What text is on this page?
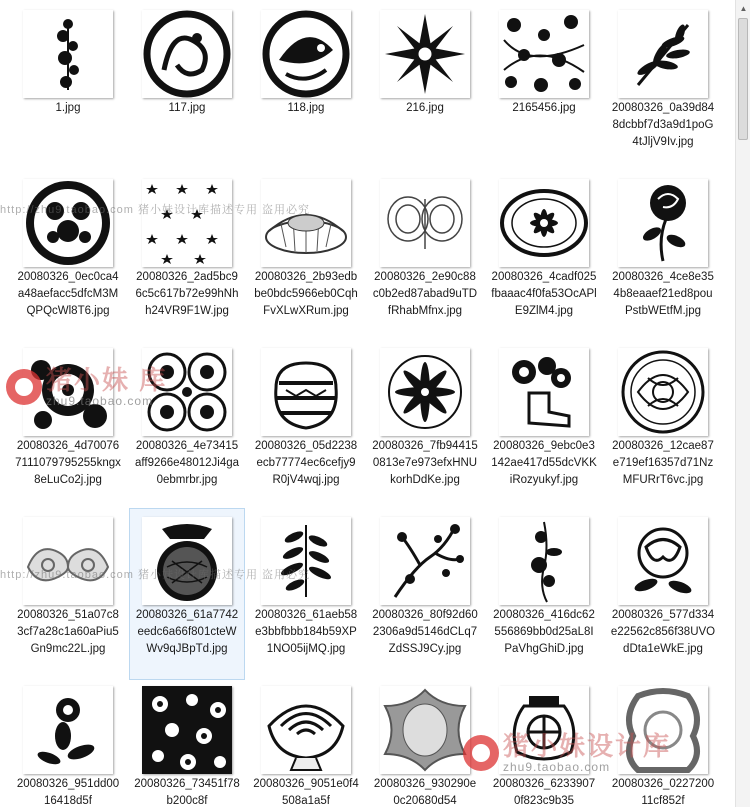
1.jpg	117.jpg	118.jpg	216.jpg	2165456.jpg	20080326_0a39d848dcbbf7d3a9d1poG4tJljV9Iv.jpg
20080326_0ec0ca4a48aefacc5dfcM3MQPQcWl8T6.jpg
20080326_2ad5bc96c5c617b72e99hNhh24VR9F1W.jpg
20080326_2b93edbbe0bdc5966eb0CqhFvXLwXRum.jpg
20080326_2e90c88c0b2ed87abad9uTDfRhabMfnx.jpg
20080326_4cadf025fbaaac4f0fa53OcAPlE9ZlM4.jpg
20080326_4ce8e354b8eaaef21ed8pouPstbWEtfM.jpg
20080326_4d700767111079795255kngx8eLuCo2j.jpg
20080326_4e73415aff9266e48012Ji4ga0ebmrbr.jpg
20080326_05d2238ecb77774ec6cefjy9R0jV4wqj.jpg
20080326_7fb944150813e7e973efxHNUkorhDdKe.jpg
20080326_9ebc0e3142ae417d55dcVKKiRozyukyf.jpg
20080326_12cae87e719ef16357d71NzMFURrT6vc.jpg
20080326_51a07c83cf7a28c1a60aPiu5Gn9mc22L.jpg
20080326_61a7742eedc6a66f801cteWWv9qJBpTd.jpg
20080326_61aeb58e3bbfbbb184b59XP1NO05ijMQ.jpg
20080326_80f92d602306a9d5146dCLq7ZdSSJ9Cy.jpg
20080326_416dc62556869bb0d25aL8IPaVhgGhiD.jpg
20080326_577d334e22562c856f38UVOdDta1eWkE.jpg
20080326_951dd0016418d5f
20080326_73451f78b200c8f
20080326_9051e0f4508a1a5f
20080326_930290e0c20680d54
20080326_62339070f823c9b35
20080326_022720011cf852f
http://zhu9.taobao.com 猪小妹设计库描述专用 盗用必究
http://zhu9.taobao.com 猪小妹设计库描述专用 盗用必究
猪小妹 库
zhu9.taobao.com
猪小妹设计库
zhu9.taobao.com
▲
